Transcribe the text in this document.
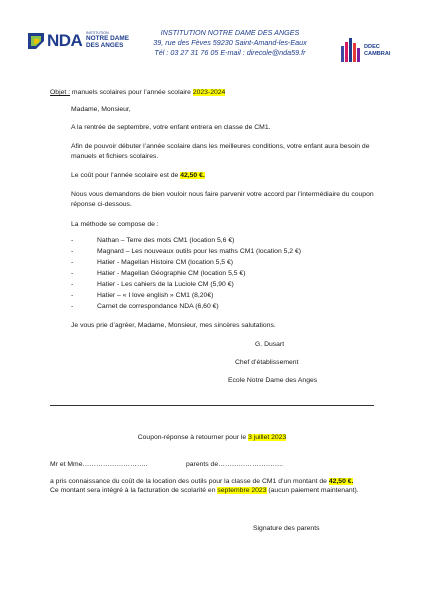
NDA INSTITUTION
NOTRE DAME
DES ANGES
INSTITUTION NOTRE DAME DES ANGES
39, rue des Fèves 59230 Saint-Amand-les-Eaux
Tél : 03 27 31 76 05 E-mail : direcole@nda59.fr
DDEC
CAMBRAI
Objet : manuels scolaires pour l’année scolaire 2023-2024
Madame, Monsieur,
A la rentrée de septembre, votre enfant entrera en classe de CM1.
Afin de pouvoir débuter l’année scolaire dans les meilleures conditions, votre enfant aura besoin de manuels et fichiers scolaires.
Le coût pour l’année scolaire est de 42,50 €.
Nous vous demandons de bien vouloir nous faire parvenir votre accord par l’intermédiaire du coupon réponse ci-dessous.
La méthode se compose de :
-	Nathan – Terre des mots CM1 (location 5,6 €)
-	Magnard – Les nouveaux outils pour les maths CM1 (location 5,2 €)
-	Hatier - Magellan Histoire CM (location 5,5 €)
-	Hatier - Magellan Géographie CM (location 5,5 €)
-	Hatier - Les cahiers de la Luciole CM (5,90 €)
-	Hatier – « I love english » CM1 (8,20€)
-	Carnet de correspondance NDA (6,60 €)
Je vous prie d’agréer, Madame, Monsieur, mes sincères salutations.
G. Dusart
Chef d’établissement
Ecole Notre Dame des Anges
Coupon-réponse à retourner pour le 3 juillet 2023
Mr et Mme………………………..	parents de………………………..
a pris connaissance du coût de la location des outils pour la classe de CM1 d’un montant de 42,50 €.
Ce montant sera intégré à la facturation de scolarité en septembre 2023 (aucun paiement maintenant).
Signature des parents
